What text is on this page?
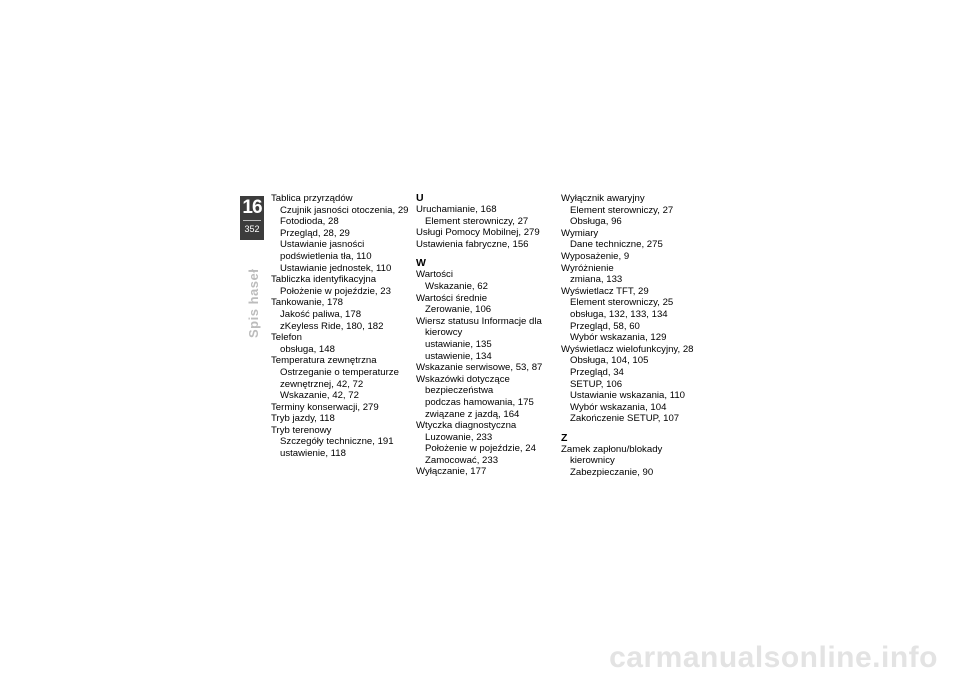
16
352
Spis haseł
Tablica przyrządów
Czujnik jasności otoczenia, 29
Fotodioda, 28
Przegląd, 28, 29
Ustawianie jasności
podświetlenia tła, 110
Ustawianie jednostek, 110
Tabliczka identyfikacyjna
Położenie w pojeździe, 23
Tankowanie, 178
Jakość paliwa, 178
zKeyless Ride, 180, 182
Telefon
obsługa, 148
Temperatura zewnętrzna
Ostrzeganie o temperaturze
zewnętrznej, 42, 72
Wskazanie, 42, 72
Terminy konserwacji, 279
Tryb jazdy, 118
Tryb terenowy
Szczegóły techniczne, 191
ustawienie, 118
U
Uruchamianie, 168
Element sterowniczy, 27
Usługi Pomocy Mobilnej, 279
Ustawienia fabryczne, 156
W
Wartości
Wskazanie, 62
Wartości średnie
Zerowanie, 106
Wiersz statusu Informacje dla
kierowcy
ustawianie, 135
ustawienie, 134
Wskazanie serwisowe, 53, 87
Wskazówki dotyczące
bezpieczeństwa
podczas hamowania, 175
związane z jazdą, 164
Wtyczka diagnostyczna
Luzowanie, 233
Położenie w pojeździe, 24
Zamocować, 233
Wyłączanie, 177
Wyłącznik awaryjny
Element sterowniczy, 27
Obsługa, 96
Wymiary
Dane techniczne, 275
Wyposażenie, 9
Wyróżnienie
zmiana, 133
Wyświetlacz TFT, 29
Element sterowniczy, 25
obsługa, 132, 133, 134
Przegląd, 58, 60
Wybór wskazania, 129
Wyświetlacz wielofunkcyjny, 28
Obsługa, 104, 105
Przegląd, 34
SETUP, 106
Ustawianie wskazania, 110
Wybór wskazania, 104
Zakończenie SETUP, 107
Z
Zamek zapłonu/blokady
kierownicy
Zabezpieczanie, 90
carmanualsonline.info
